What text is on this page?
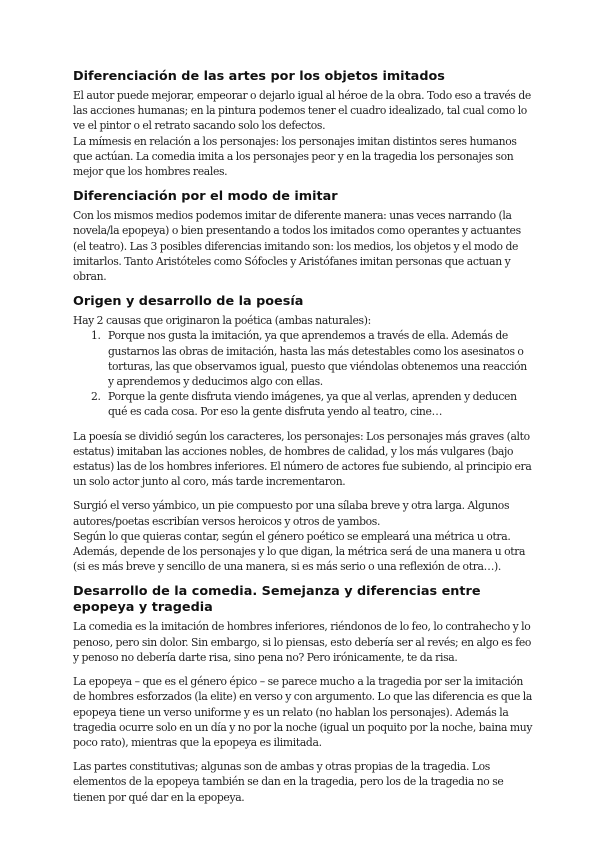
Diferenciación de las artes por los objetos imitados

El autor puede mejorar, empeorar o dejarlo igual al héroe de la obra. Todo eso a través de las acciones humanas; en la pintura podemos tener el cuadro idealizado, tal cual como lo ve el pintor o el retrato sacando solo los defectos.

La mímesis en relación a los personajes: los personajes imitan distintos seres humanos que actúan. La comedia imita a los personajes peor y en la tragedia los personajes son mejor que los hombres reales.

Diferenciación por el modo de imitar

Con los mismos medios podemos imitar de diferente manera: unas veces narrando (la novela/la epopeya) o bien presentando a todos los imitados como operantes y actuantes (el teatro). Las 3 posibles diferencias imitando son: los medios, los objetos y el modo de imitarlos. Tanto Aristóteles como Sófocles y Aristófanes imitan personas que actuan y obran.

Origen y desarrollo de la poesía

Hay 2 causas que originaron la poética (ambas naturales):

1. Porque nos gusta la imitación, ya que aprendemos a través de ella. Además de gustarnos las obras de imitación, hasta las más detestables como los asesinatos o torturas, las que observamos igual, puesto que viéndolas obtenemos una reacción y aprendemos y deducimos algo con ellas.
2. Porque la gente disfruta viendo imágenes, ya que al verlas, aprenden y deducen qué es cada cosa. Por eso la gente disfruta yendo al teatro, cine…

La poesía se dividió según los caracteres, los personajes: Los personajes más graves (alto estatus) imitaban las acciones nobles, de hombres de calidad, y los más vulgares (bajo estatus) las de los hombres inferiores. El número de actores fue subiendo, al principio era un solo actor junto al coro, más tarde incrementaron.

Surgió el verso yámbico, un pie compuesto por una sílaba breve y otra larga. Algunos autores/poetas escribían versos heroicos y otros de yambos.

Según lo que quieras contar, según el género poético se empleará una métrica u otra. Además, depende de los personajes y lo que digan, la métrica será de una manera u otra (si es más breve y sencillo de una manera, si es más serio o una reflexión de otra…).

Desarrollo de la comedia. Semejanza y diferencias entre epopeya y tragedia

La comedia es la imitación de hombres inferiores, riéndonos de lo feo, lo contrahecho y lo penoso, pero sin dolor. Sin embargo, si lo piensas, esto debería ser al revés; en algo es feo y penoso no debería darte risa, sino pena no? Pero irónicamente, te da risa.

La epopeya – que es el género épico – se parece mucho a la tragedia por ser la imitación de hombres esforzados (la elite) en verso y con argumento. Lo que las diferencia es que la epopeya tiene un verso uniforme y es un relato (no hablan los personajes). Además la tragedia ocurre solo en un día y no por la noche (igual un poquito por la noche, baina muy poco rato), mientras que la epopeya es ilimitada.

Las partes constitutivas; algunas son de ambas y otras propias de la tragedia. Los elementos de la epopeya también se dan en la tragedia, pero los de la tragedia no se tienen por qué dar en la epopeya.
